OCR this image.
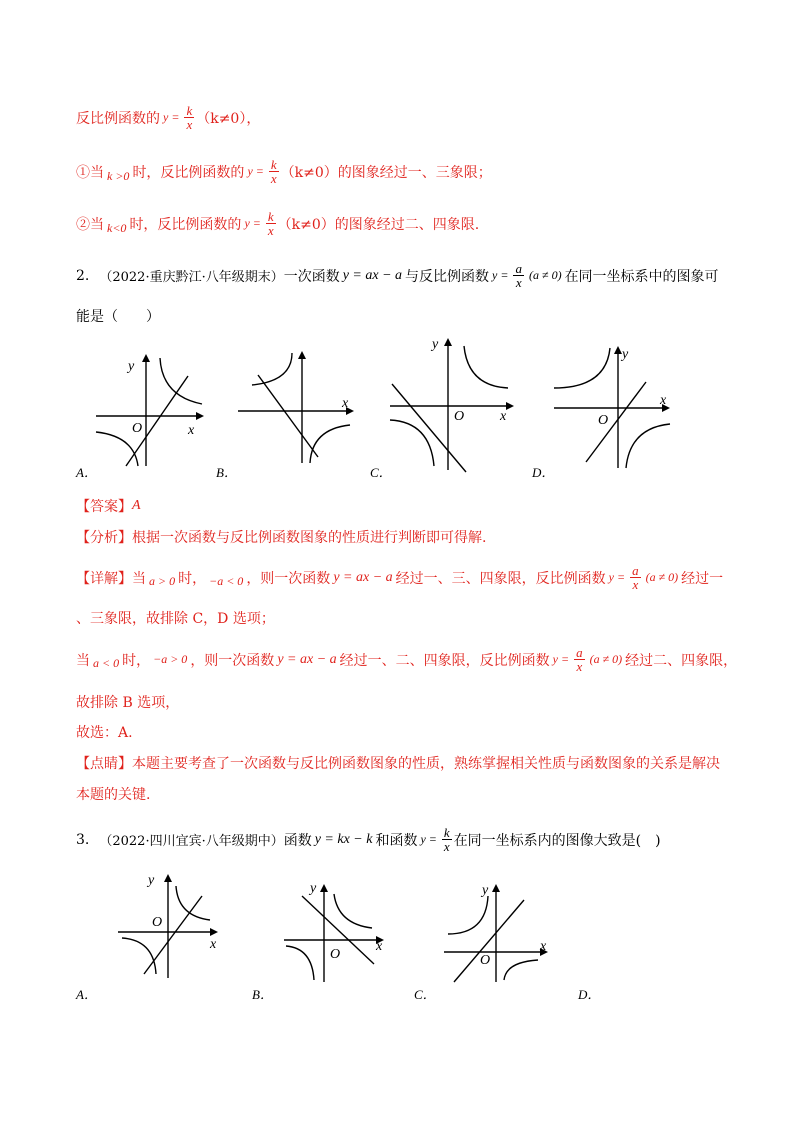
反比例函数的 $y = \frac{k}{x} (k\ne 0)$，
①当 k >0 时，反比例函数的 $y = \frac{k}{x} (k\ne 0)$ 的图象经过一、三象限；
②当 k<0 时，反比例函数的 $y = \frac{k}{x} (k\ne 0)$ 的图象经过二、四象限.
2. （2022·重庆黔江·八年级期末） 一次函数 y = ax − a 与反比例函数 $y = \frac{a}{x} (a \ne 0)$ 在同一坐标系中的图象可
能是（　　）
y
x
O
x
y
x
O
y
x
O
A．	B．	C．	D．
【答案】 A
【分析】 根据一次函数与反比例函数图象的性质进行判断即可得解.
【详解】 当 a > 0 时， −a < 0 ，则一次函数 y = ax − a 经过一、三、四象限，反比例函数 $y = \frac{a}{x} (a \ne 0)$ 经过一
、三象限，故排除 C，D 选项；
当 a < 0 时， −a > 0 ，则一次函数 y = ax − a 经过一、二、四象限，反比例函数 $y = \frac{a}{x} (a \ne 0)$ 经过二、四象限，
故排除 B 选项，
故选：A.
【点睛】 本题主要考查了一次函数与反比例函数图象的性质，熟练掌握相关性质与函数图象的关系是解决
本题的关键.
3. （2022·四川宜宾·八年级期中） 函数 y = kx − k 和函数 $y = \frac{k}{x}$ 在同一坐标系内的图像大致是(　)
y
x
O
y
x
O
y
x
O
A．	B．	C．	D．
